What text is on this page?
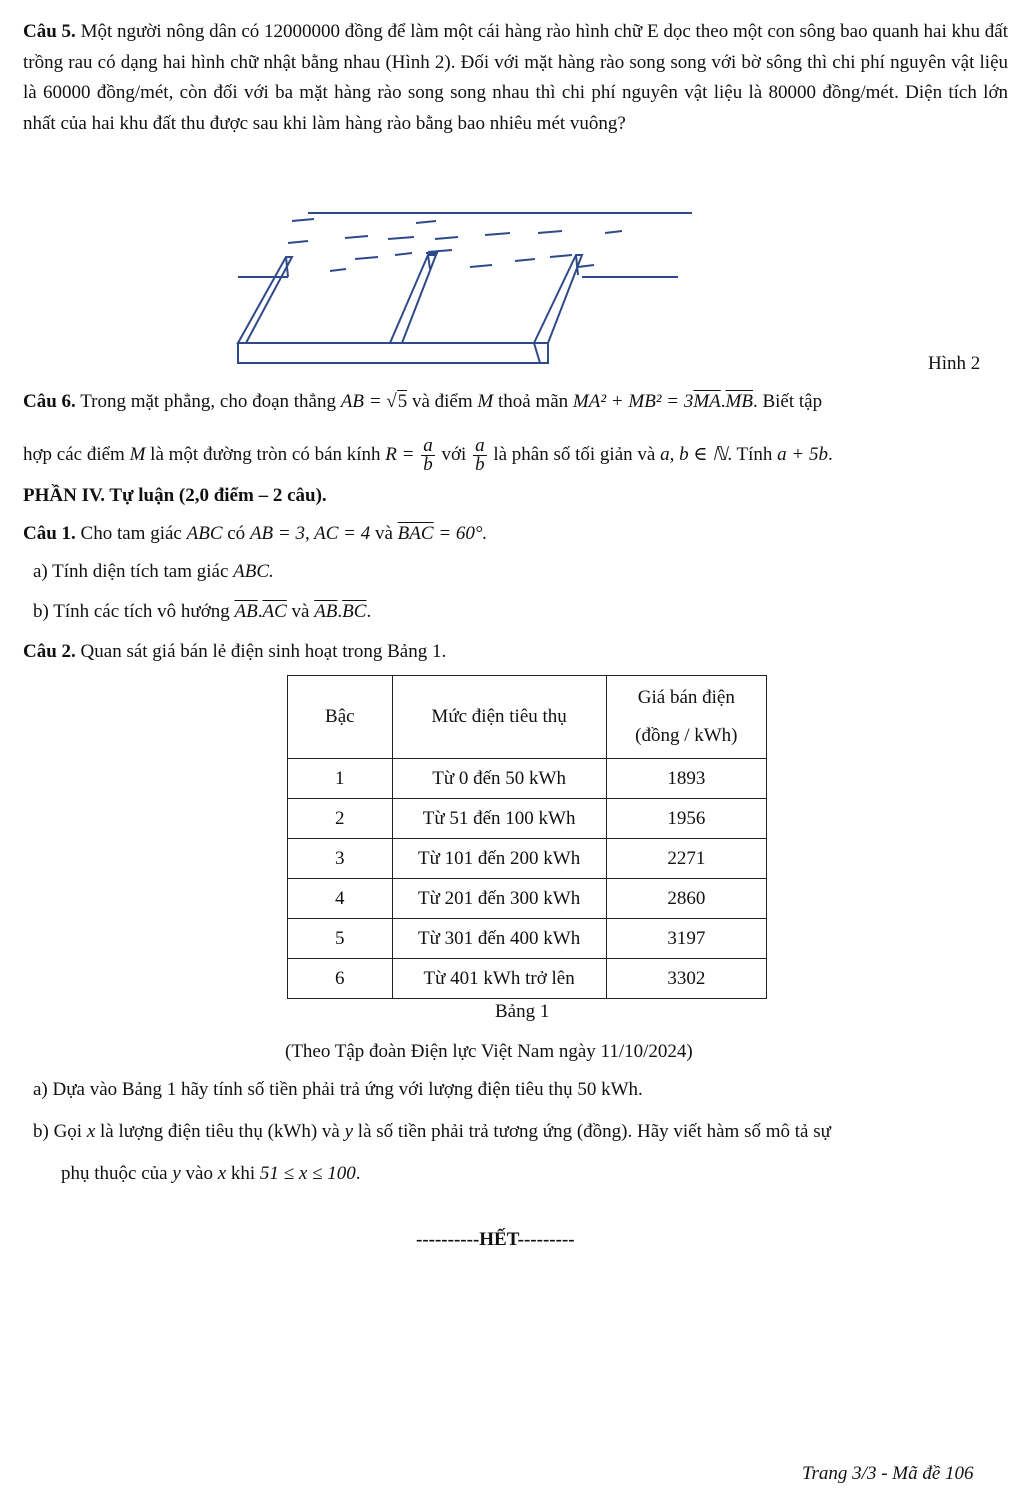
Câu 5. Một người nông dân có 12000000 đồng để làm một cái hàng rào hình chữ E dọc theo một con sông bao quanh hai khu đất trồng rau có dạng hai hình chữ nhật bằng nhau (Hình 2). Đối với mặt hàng rào song song với bờ sông thì chi phí nguyên vật liệu là 60000 đồng/mét, còn đối với ba mặt hàng rào song song nhau thì chi phí nguyên vật liệu là 80000 đồng/mét. Diện tích lớn nhất của hai khu đất thu được sau khi làm hàng rào bằng bao nhiêu mét vuông?
Hình 2
Câu 6. Trong mặt phẳng, cho đoạn thẳng AB = √5 và điểm M thoả mãn $MA^2 + MB^2 = 3\overline{MA}.\overline{MB}$. Biết tập
hợp các điểm M là một đường tròn có bán kính $R = \frac{a}{b}$ với $\frac{a}{b}$ là phân số tối giản và a, b ∈ ℕ. Tính a + 5b.
PHẦN IV. Tự luận (2,0 điểm – 2 câu).
Câu 1. Cho tam giác ABC có AB = 3, AC = 4 và $\overline{BAC} = 60^\circ$.
a) Tính diện tích tam giác ABC.
b) Tính các tích vô hướng $\overline{AB}.\overline{AC}$ và $\overline{AB}.\overline{BC}$.
Câu 2. Quan sát giá bán lẻ điện sinh hoạt trong Bảng 1.
Bậc	Mức điện tiêu thụ	Giá bán điện
(đồng / kWh)
1	Từ 0 đến 50 kWh	1893
2	Từ 51 đến 100 kWh	1956
3	Từ 101 đến 200 kWh	2271
4	Từ 201 đến 300 kWh	2860
5	Từ 301 đến 400 kWh	3197
6	Từ 401 kWh trở lên	3302
Bảng 1
(Theo Tập đoàn Điện lực Việt Nam ngày 11/10/2024)
a) Dựa vào Bảng 1 hãy tính số tiền phải trả ứng với lượng điện tiêu thụ 50 kWh.
b) Gọi x là lượng điện tiêu thụ (kWh) và y là số tiền phải trả tương ứng (đồng). Hãy viết hàm số mô tả sự
phụ thuộc của y vào x khi 51 ≤ x ≤ 100.
----------HẾT---------
Trang 3/3 - Mã đề 106
